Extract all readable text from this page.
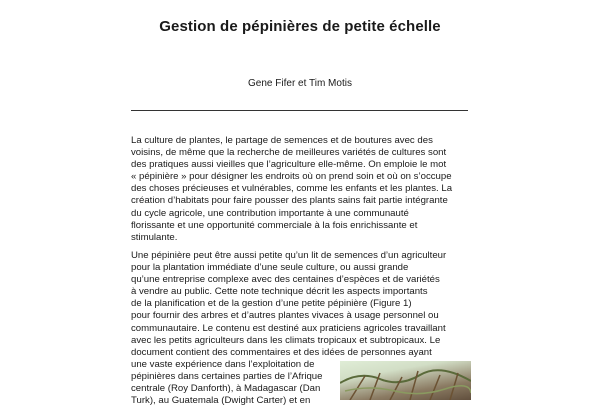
Gestion de pépinières de petite échelle
Gene Fifer et Tim Motis
La culture de plantes, le partage de semences et de boutures avec des
voisins, de même que la recherche de meilleures variétés de cultures sont
des pratiques aussi vieilles que l’agriculture elle-même. On emploie le mot
« pépinière » pour désigner les endroits où on prend soin et où on s’occupe
des choses précieuses et vulnérables, comme les enfants et les plantes. La
création d’habitats pour faire pousser des plants sains fait partie intégrante
du cycle agricole, une contribution importante à une communauté
florissante et une opportunité commerciale à la fois enrichissante et
stimulante.
Une pépinière peut être aussi petite qu’un lit de semences d’un agriculteur
pour la plantation immédiate d’une seule culture, ou aussi grande
qu’une entreprise complexe avec des centaines d’espèces et de variétés
à vendre au public. Cette note technique décrit les aspects importants
de la planification et de la gestion d’une petite pépinière (Figure 1)
pour fournir des arbres et d’autres plantes vivaces à usage personnel ou
communautaire. Le contenu est destiné aux praticiens agricoles travaillant
avec les petits agriculteurs dans les climats tropicaux et subtropicaux. Le
document contient des commentaires et des idées de personnes ayant
une vaste expérience dans l’exploitation de
pépinières dans certaines parties de l’Afrique
centrale (Roy Danforth), à Madagascar (Dan
Turk), au Guatemala (Dwight Carter) et en
